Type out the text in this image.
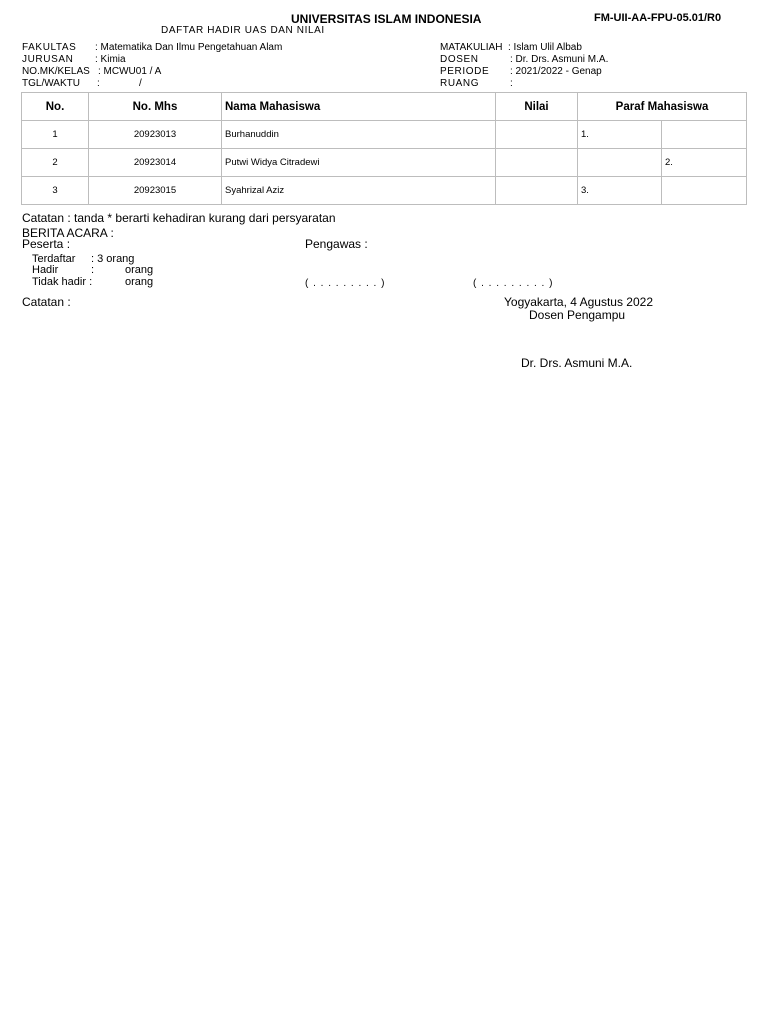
UNIVERSITAS ISLAM INDONESIA	FM-UII-AA-FPU-05.01/R0
DAFTAR HADIR UAS DAN NILAI
FAKULTAS : Matematika Dan Ilmu Pengetahuan Alam
JURUSAN : Kimia
NO.MK/KELAS : MCWU01 / A
TGL/WAKTU :	/
MATAKULIAH : Islam Ulil Albab
DOSEN	: Dr. Drs. Asmuni M.A.
PERIODE : 2021/2022 - Genap
RUANG	:
No.	No. Mhs	Nama Mahasiswa	Nilai	Paraf Mahasiswa	
1	20923013	Burhanuddin		1.	
2	20923014	Putwi Widya Citradewi			2.
3	20923015	Syahrizal Aziz		3.	
Catatan : tanda * berarti kehadiran kurang dari persyaratan
BERITA ACARA :
Peserta :	Pengawas :
Terdaftar : 3 orang
Hadir	:	orang
Tidak hadir :	orang	( . . . . . . . . . )	( . . . . . . . . . )
Catatan :	Yogyakarta, 4 Agustus 2022
Dosen Pengampu
Dr. Drs. Asmuni M.A.
